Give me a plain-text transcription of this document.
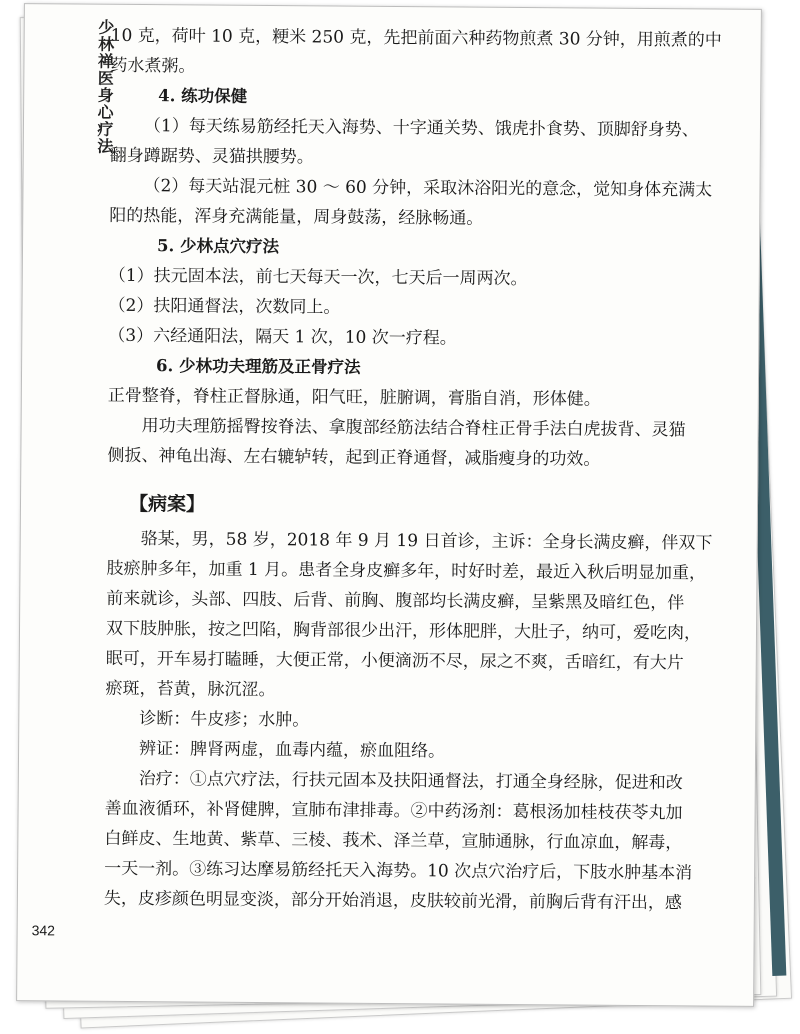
少林禅医身心疗法
10 克，荷叶 10 克，粳米 250 克，先把前面六种药物煎煮 30 分钟，用煎煮的中
药水煮粥。
4. 练功保健
（1）每天练易筋经托天入海势、十字通关势、饿虎扑食势、顶脚舒身势、
翻身蹲踞势、灵猫拱腰势。
（2）每天站混元桩 30 ～ 60 分钟，采取沐浴阳光的意念，觉知身体充满太
阳的热能，浑身充满能量，周身鼓荡，经脉畅通。
5. 少林点穴疗法
（1）扶元固本法，前七天每天一次，七天后一周两次。
（2）扶阳通督法，次数同上。
（3）六经通阳法，隔天 1 次，10 次一疗程。
6. 少林功夫理筋及正骨疗法
正骨整脊，脊柱正督脉通，阳气旺，脏腑调，膏脂自消，形体健。
用功夫理筋摇臀按脊法、拿腹部经筋法结合脊柱正骨手法白虎拔背、灵猫
侧扳、神龟出海、左右辘轳转，起到正脊通督，减脂瘦身的功效。
【病案】
骆某，男，58 岁，2018 年 9 月 19 日首诊，主诉：全身长满皮癣，伴双下
肢瘀肿多年，加重 1 月。患者全身皮癣多年，时好时差，最近入秋后明显加重，
前来就诊，头部、四肢、后背、前胸、腹部均长满皮癣，呈紫黑及暗红色，伴
双下肢肿胀，按之凹陷，胸背部很少出汗，形体肥胖，大肚子，纳可，爱吃肉，
眠可，开车易打瞌睡，大便正常，小便滴沥不尽，尿之不爽，舌暗红，有大片
瘀斑，苔黄，脉沉涩。
诊断：牛皮疹；水肿。
辨证：脾肾两虚，血毒内蕴，瘀血阻络。
治疗：①点穴疗法，行扶元固本及扶阳通督法，打通全身经脉，促进和改
善血液循环，补肾健脾，宣肺布津排毒。②中药汤剂：葛根汤加桂枝茯苓丸加
白鲜皮、生地黄、紫草、三棱、莪术、泽兰草，宣肺通脉，行血凉血，解毒，
一天一剂。③练习达摩易筋经托天入海势。10 次点穴治疗后，下肢水肿基本消
失，皮疹颜色明显变淡，部分开始消退，皮肤较前光滑，前胸后背有汗出，感
342
